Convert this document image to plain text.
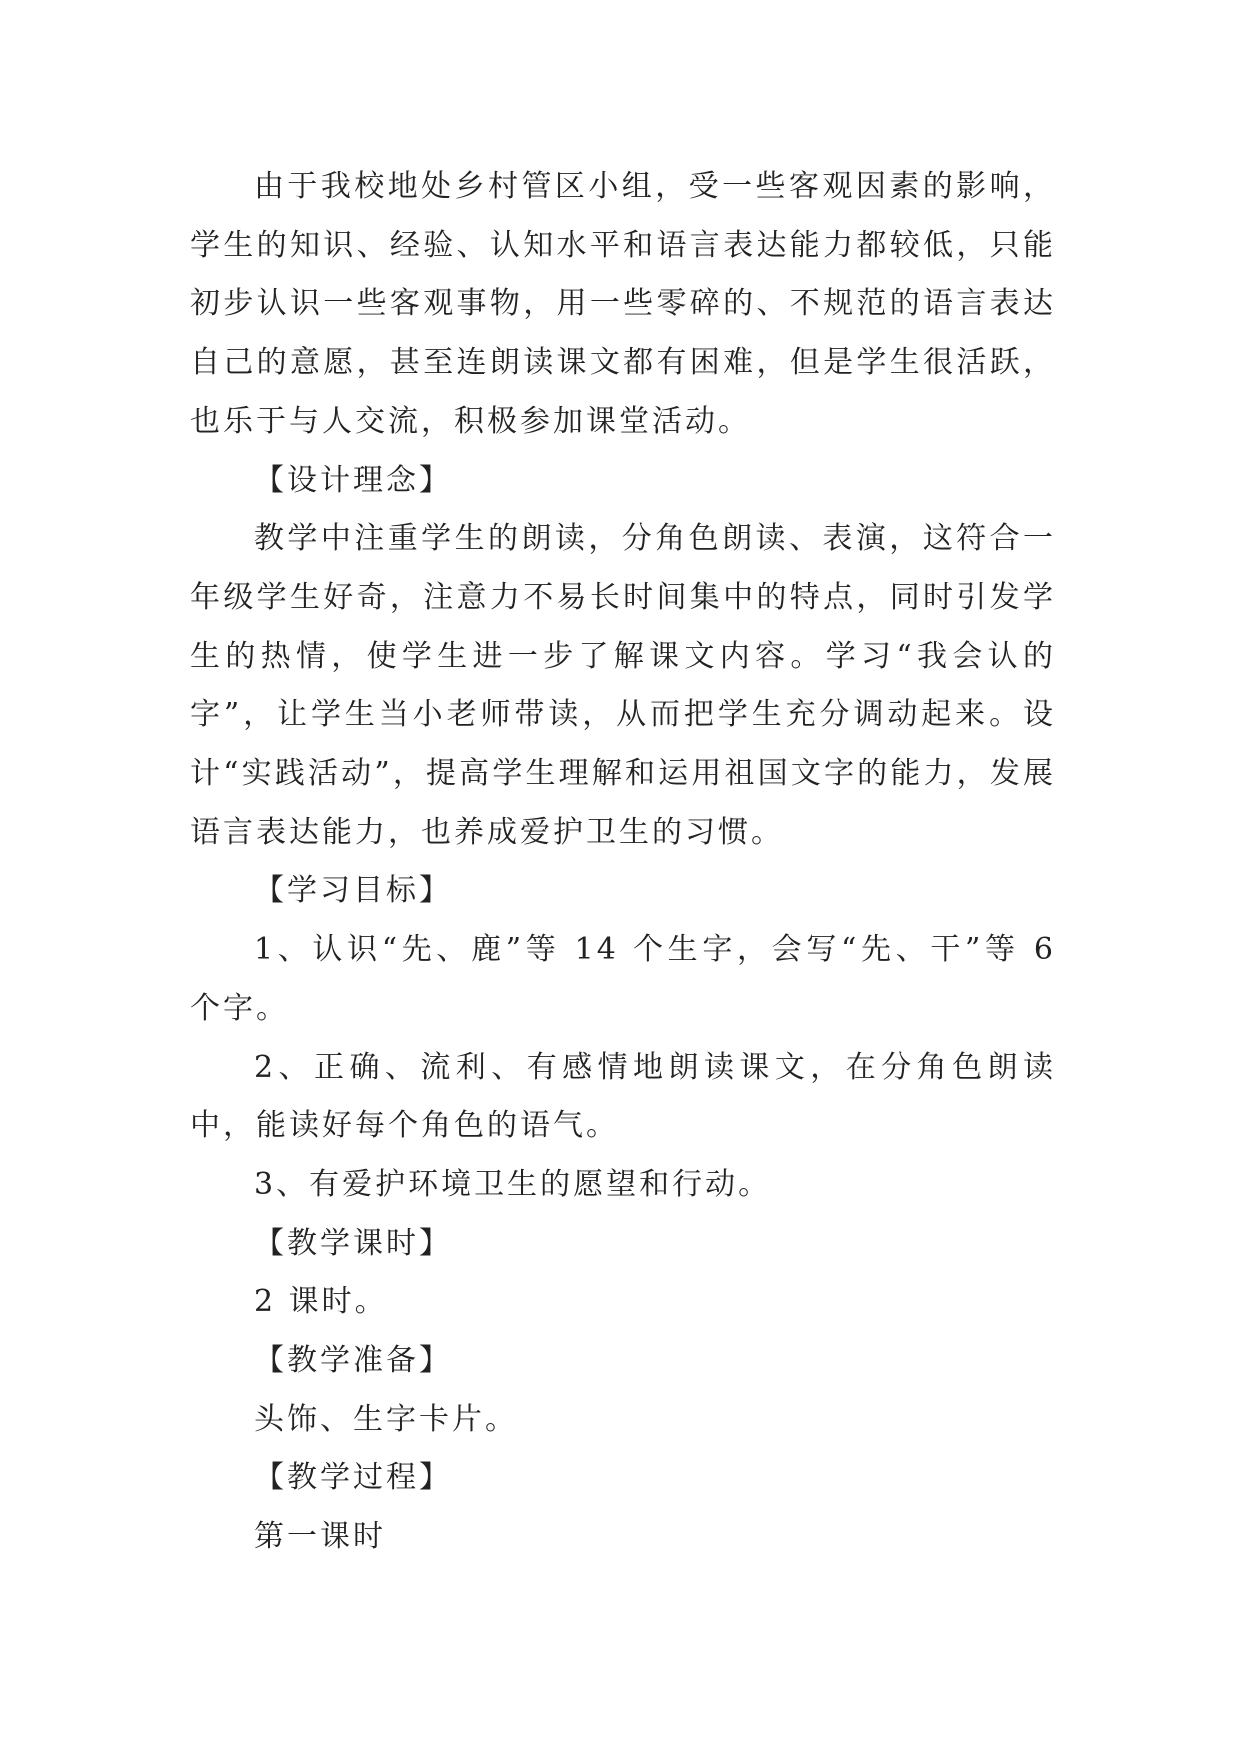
由于我校地处乡村管区小组，受一些客观因素的影响，学生的知识、经验、认知水平和语言表达能力都较低，只能初步认识一些客观事物，用一些零碎的、不规范的语言表达自己的意愿，甚至连朗读课文都有困难，但是学生很活跃，也乐于与人交流，积极参加课堂活动。

【设计理念】

教学中注重学生的朗读，分角色朗读、表演，这符合一年级学生好奇，注意力不易长时间集中的特点，同时引发学生的热情，使学生进一步了解课文内容。学习“我会认的字”，让学生当小老师带读，从而把学生充分调动起来。设计“实践活动”，提高学生理解和运用祖国文字的能力，发展语言表达能力，也养成爱护卫生的习惯。

【学习目标】

1、认识“先、鹿”等 14 个生字，会写“先、干”等 6 个字。

2、正确、流利、有感情地朗读课文，在分角色朗读中，能读好每个角色的语气。

3、有爱护环境卫生的愿望和行动。

【教学课时】

2 课时。

【教学准备】

头饰、生字卡片。

【教学过程】

第一课时
